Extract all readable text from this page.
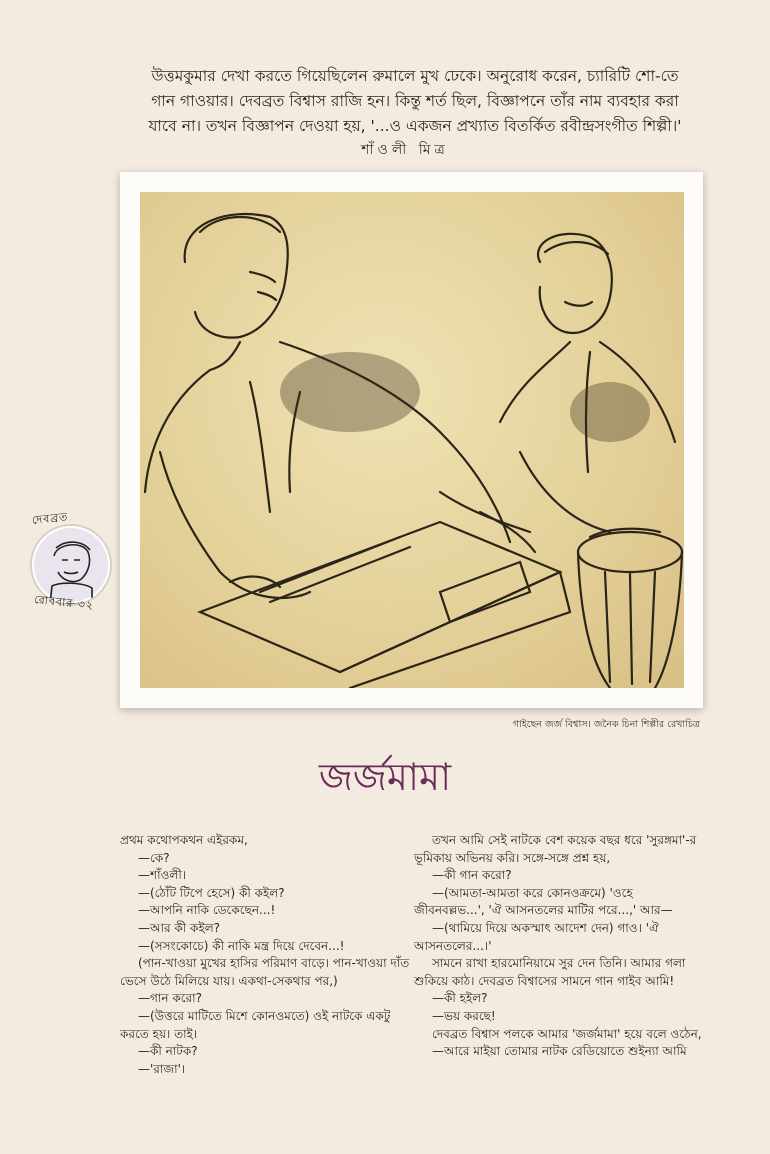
উত্তমকুমার দেখা করতে গিয়েছিলেন রুমালে মুখ ঢেকে। অনুরোধ করেন, চ্যারিটি শো-তে

গান গাওয়ার। দেবব্রত বিশ্বাস রাজি হন। কিন্তু শর্ত ছিল, বিজ্ঞাপনে তাঁর নাম ব্যবহার করা

যাবে না। তখন বিজ্ঞাপন দেওয়া হয়, '...ও একজন প্রখ্যাত বিতর্কিত রবীন্দ্রসংগীত শিল্পী।'

শাঁওলী মিত্র
গাইছেন জর্জ বিশ্বাস। জনৈক চিনা শিল্পীর রেখাচিত্র
দেবব্রত
রোববার ৩২
জর্জমামা

প্রথম কথোপকথন এইরকম,

—কে?

—শাঁওলী।

—(ঠোঁট টিপে হেসে) কী কইল?

—আপনি নাকি ডেকেছেন...!

—আর কী কইল?

—(সসংকোচে) কী নাকি মন্ত্র দিয়ে দেবেন...!

(পান-খাওয়া মুখের হাসির পরিমাণ বাড়ে। পান-খাওয়া দাঁত ভেসে উঠে মিলিয়ে যায়। একথা-সেকথার পর,)

—গান করো?

—(উত্তরে মাটিতে মিশে কোনওমতে) ওই নাটকে একটু করতে হয়। তাই।

—কী নাটক?

—'রাজা'।

তখন আমি সেই নাটকে বেশ কয়েক বছর ধরে 'সুরঙ্গমা'-র ভূমিকায় অভিনয় করি। সঙ্গে-সঙ্গে প্রশ্ন হয়,

—কী গান করো?

—(আমতা-আমতা করে কোনওক্রমে) 'ওহে জীবনবল্লভ...', 'ঐ আসনতলের মাটির পরে...,' আর—

—(থামিয়ে দিয়ে অকস্মাৎ আদেশ দেন) গাও। 'ঐ আসনতলের...।'

সামনে রাখা হারমোনিয়ামে সুর দেন তিনি। আমার গলা শুকিয়ে কাঠ। দেবব্রত বিশ্বাসের সামনে গান গাইব আমি!

—কী হইল?

—ভয় করছে!

দেবব্রত বিশ্বাস পলকে আমার 'জর্জমামা' হয়ে বলে ওঠেন,

—আরে মাইয়া তোমার নাটক রেডিয়োতে শুইন্যা আমি
